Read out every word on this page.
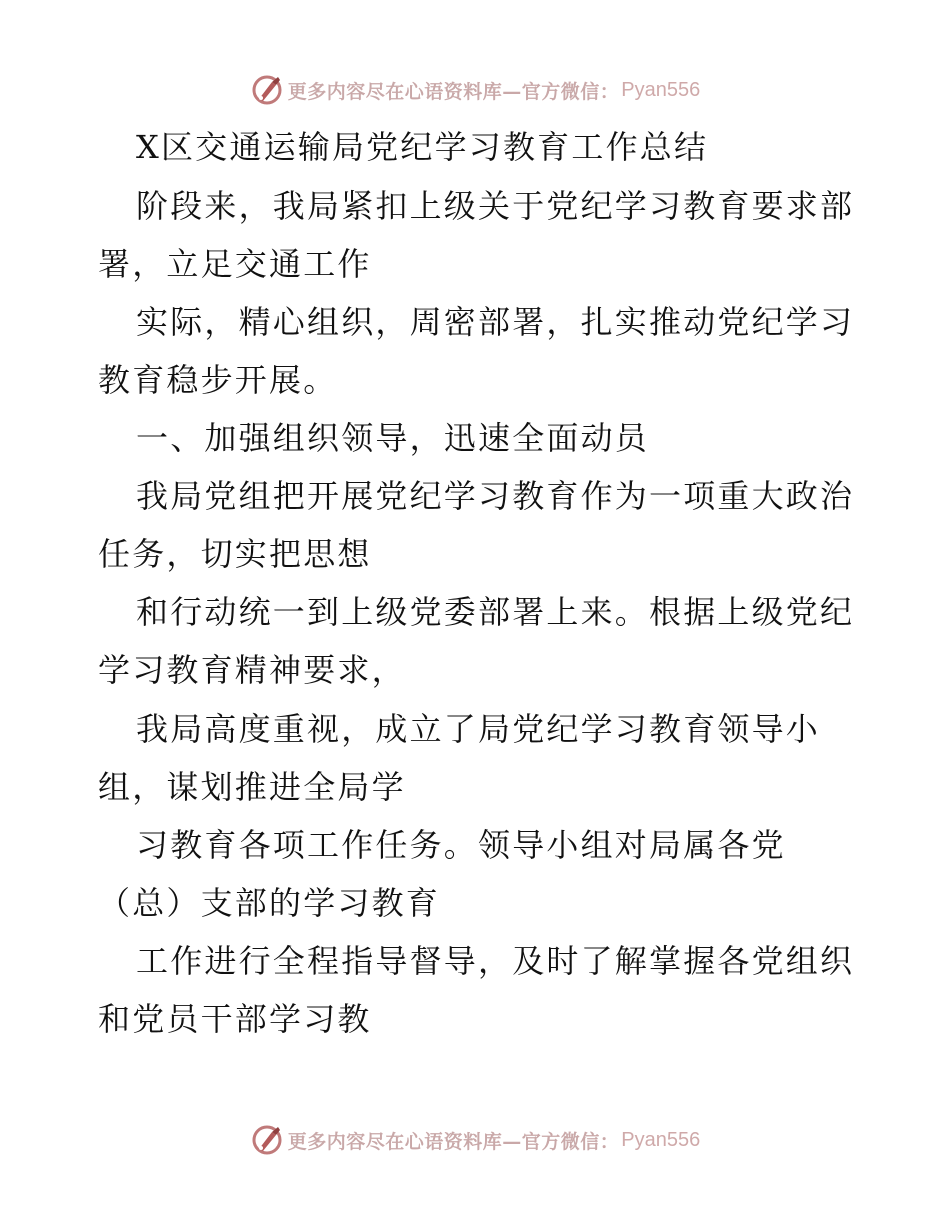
更多内容尽在心语资料库—官方微信： Pyan556
X区交通运输局党纪学习教育工作总结
阶段来，我局紧扣上级关于党纪学习教育要求部
署，立足交通工作
实际，精心组织，周密部署，扎实推动党纪学习
教育稳步开展。
一、加强组织领导，迅速全面动员
我局党组把开展党纪学习教育作为一项重大政治
任务，切实把思想
和行动统一到上级党委部署上来。根据上级党纪
学习教育精神要求，
我局高度重视，成立了局党纪学习教育领导小
组，谋划推进全局学
习教育各项工作任务。领导小组对局属各党
（总）支部的学习教育
工作进行全程指导督导，及时了解掌握各党组织
和党员干部学习教
更多内容尽在心语资料库—官方微信： Pyan556
